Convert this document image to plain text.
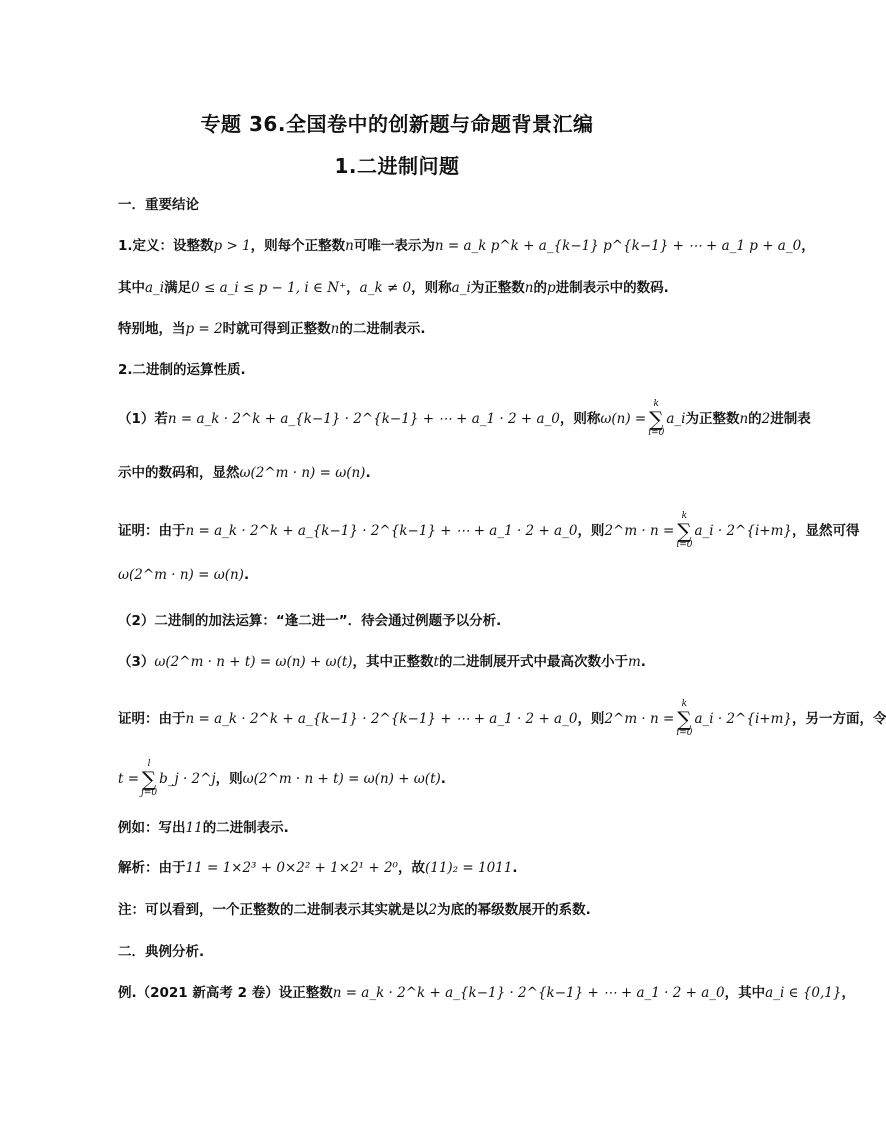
专题 36.全国卷中的创新题与命题背景汇编
1.二进制问题
一．重要结论
1.定义：设整数p > 1，则每个正整数n可唯一表示为n = a_k p^k + a_{k−1} p^{k−1} + ⋯ + a_1 p + a_0，
其中a_i满足0 ≤ a_i ≤ p − 1, i ∈ N⁺，a_k ≠ 0，则称a_i为正整数n的p进制表示中的数码.
特别地，当p = 2时就可得到正整数n的二进制表示.
2.二进制的运算性质.
（1）若n = a_k · 2^k + a_{k−1} · 2^{k−1} + ⋯ + a_1 · 2 + a_0，则称ω(n) =
k
∑
i=0
a_i为正整数n的2进制表
示中的数码和，显然ω(2^m · n) = ω(n).
证明：由于n = a_k · 2^k + a_{k−1} · 2^{k−1} + ⋯ + a_1 · 2 + a_0，则2^m · n =
k
∑
i=0
a_i · 2^{i+m}，显然可得
ω(2^m · n) = ω(n).
（2）二进制的加法运算：“逢二进一”．待会通过例题予以分析.
（3）ω(2^m · n + t) = ω(n) + ω(t)，其中正整数t的二进制展开式中最高次数小于m.
证明：由于n = a_k · 2^k + a_{k−1} · 2^{k−1} + ⋯ + a_1 · 2 + a_0，则2^m · n =
k
∑
i=0
a_i · 2^{i+m}，另一方面，令
t =
l
∑
j=0
b_j · 2^j，则ω(2^m · n + t) = ω(n) + ω(t).
例如：写出11的二进制表示.
解析：由于11 = 1×2³ + 0×2² + 1×2¹ + 2⁰，故(11)₂ = 1011.
注：可以看到，一个正整数的二进制表示其实就是以2为底的幂级数展开的系数.
二．典例分析.
例.（2021 新高考 2 卷）设正整数n = a_k · 2^k + a_{k−1} · 2^{k−1} + ⋯ + a_1 · 2 + a_0，其中a_i ∈ {0,1}，
